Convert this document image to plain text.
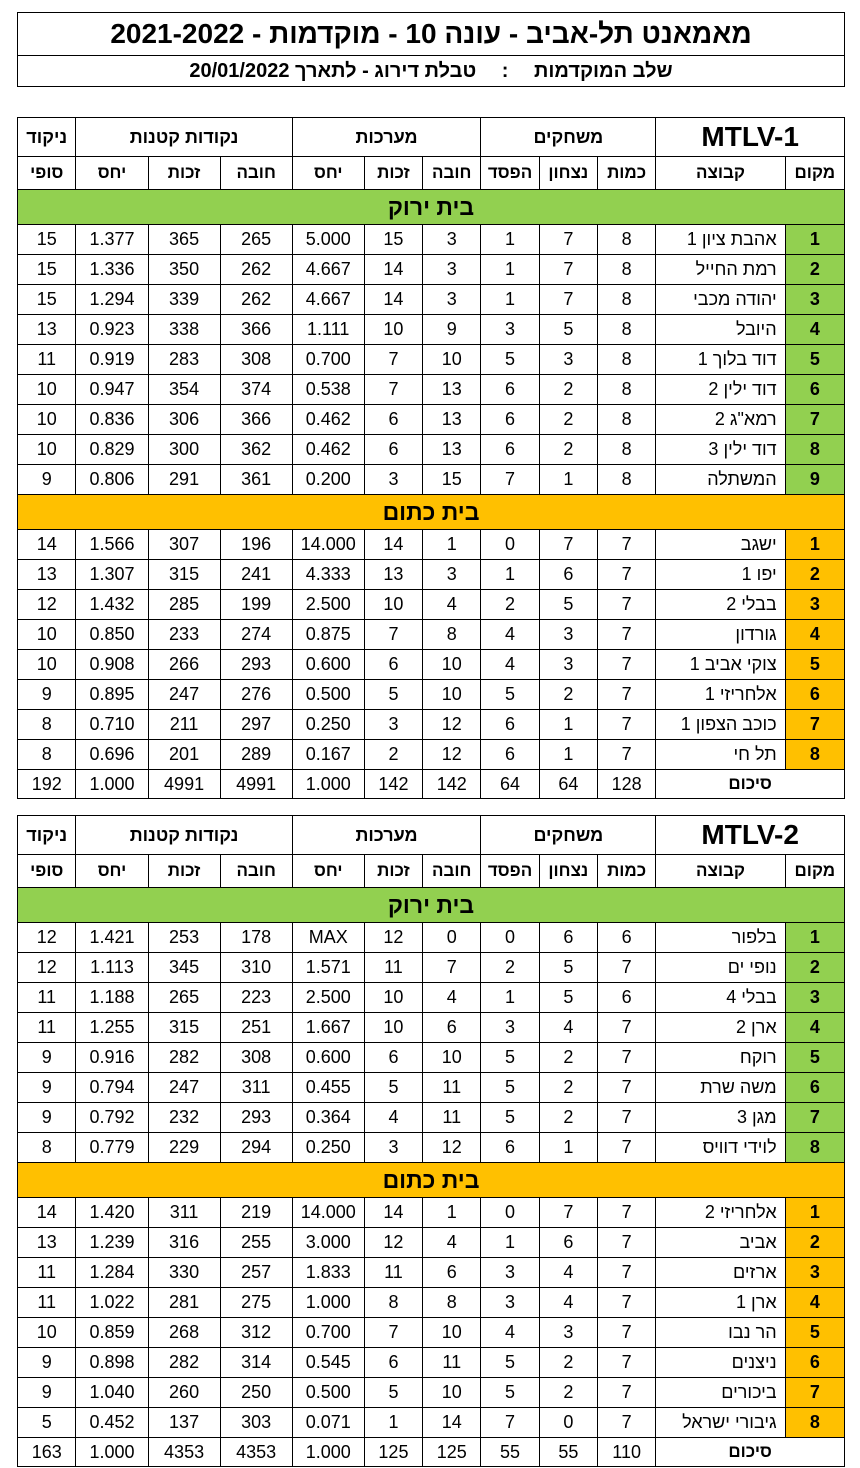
מאמאנט תל-אביב - עונה 10 - מוקדמות - 2021-2022
שלב המוקדמות : טבלת דירוג - לתארך 20/01/2022
MTLV-1		משחקים			מערכות			נקודות קטנות			ניקוד
מקום	קבוצה	כמות	נצחון	הפסד	חובה	זכות	יחס	חובה	זכות	יחס	סופי
בית ירוק											
1	אהבת ציון 1	8	7	1	3	15	5.000	265	365	1.377	15
2	רמת החייל	8	7	1	3	14	4.667	262	350	1.336	15
3	יהודה מכבי	8	7	1	3	14	4.667	262	339	1.294	15
4	היובל	8	5	3	9	10	1.111	366	338	0.923	13
5	דוד בלוך 1	8	3	5	10	7	0.700	308	283	0.919	11
6	דוד ילין 2	8	2	6	13	7	0.538	374	354	0.947	10
7	רמא"ג 2	8	2	6	13	6	0.462	366	306	0.836	10
8	דוד ילין 3	8	2	6	13	6	0.462	362	300	0.829	10
9	המשתלה	8	1	7	15	3	0.200	361	291	0.806	9
בית כתום											
1	ישגב	7	7	0	1	14	14.000	196	307	1.566	14
2	יפו 1	7	6	1	3	13	4.333	241	315	1.307	13
3	בבלי 2	7	5	2	4	10	2.500	199	285	1.432	12
4	גורדון	7	3	4	8	7	0.875	274	233	0.850	10
5	צוקי אביב 1	7	3	4	10	6	0.600	293	266	0.908	10
6	אלחריזי 1	7	2	5	10	5	0.500	276	247	0.895	9
7	כוכב הצפון 1	7	1	6	12	3	0.250	297	211	0.710	8
8	תל חי	7	1	6	12	2	0.167	289	201	0.696	8
סיכום		128	64	64	142	142	1.000	4991	4991	1.000	192
MTLV-2		משחקים			מערכות			נקודות קטנות			ניקוד
מקום	קבוצה	כמות	נצחון	הפסד	חובה	זכות	יחס	חובה	זכות	יחס	סופי
בית ירוק											
1	בלפור	6	6	0	0	12	MAX	178	253	1.421	12
2	נופי ים	7	5	2	7	11	1.571	310	345	1.113	12
3	בבלי 4	6	5	1	4	10	2.500	223	265	1.188	11
4	ארן 2	7	4	3	6	10	1.667	251	315	1.255	11
5	רוקח	7	2	5	10	6	0.600	308	282	0.916	9
6	משה שרת	7	2	5	11	5	0.455	311	247	0.794	9
7	מגן 3	7	2	5	11	4	0.364	293	232	0.792	9
8	לוידי דוויס	7	1	6	12	3	0.250	294	229	0.779	8
בית כתום											
1	אלחריזי 2	7	7	0	1	14	14.000	219	311	1.420	14
2	אביב	7	6	1	4	12	3.000	255	316	1.239	13
3	ארזים	7	4	3	6	11	1.833	257	330	1.284	11
4	ארן 1	7	4	3	8	8	1.000	275	281	1.022	11
5	הר נבו	7	3	4	10	7	0.700	312	268	0.859	10
6	ניצנים	7	2	5	11	6	0.545	314	282	0.898	9
7	ביכורים	7	2	5	10	5	0.500	250	260	1.040	9
8	גיבורי ישראל	7	0	7	14	1	0.071	303	137	0.452	5
סיכום		110	55	55	125	125	1.000	4353	4353	1.000	163
